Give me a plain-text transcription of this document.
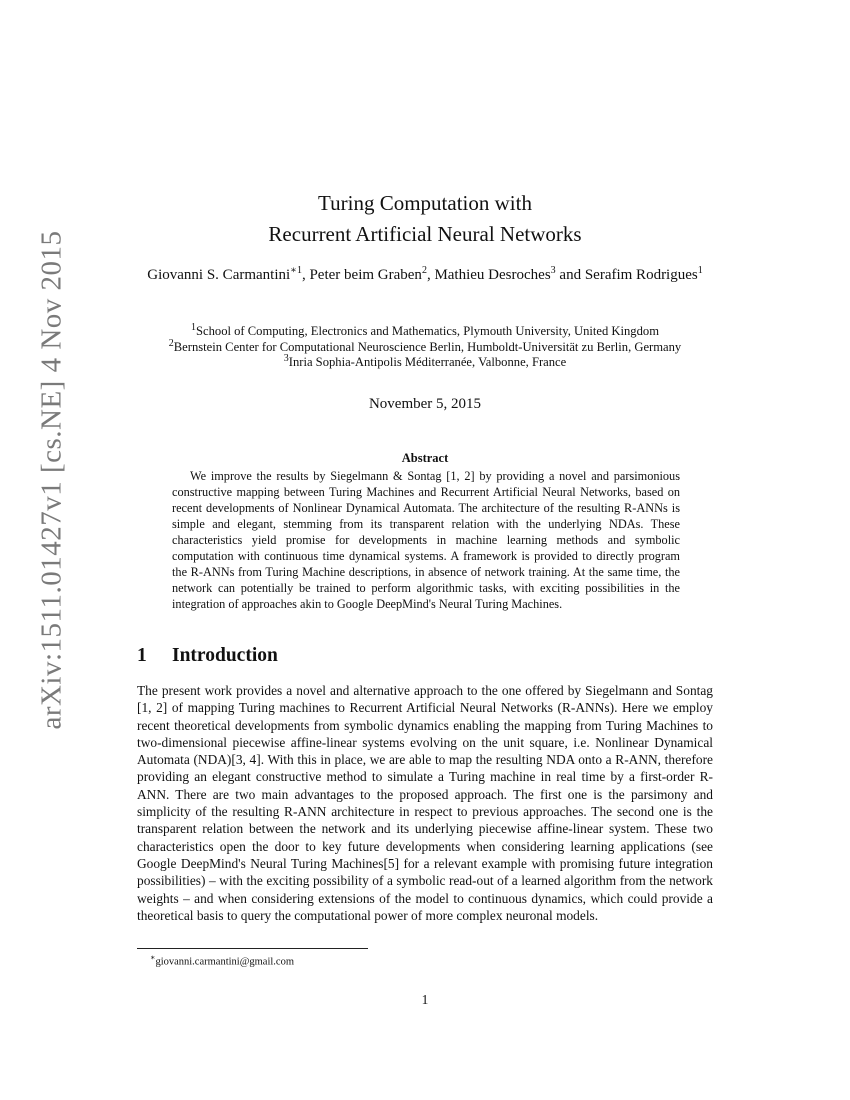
arXiv:1511.01427v1 [cs.NE] 4 Nov 2015
Turing Computation with
Recurrent Artificial Neural Networks
Giovanni S. Carmantini$^{∗1}$, Peter beim Graben$^2$, Mathieu Desroches$^3$ and Serafim Rodrigues$^1$
$^1$School of Computing, Electronics and Mathematics, Plymouth University, United Kingdom
$^2$Bernstein Center for Computational Neuroscience Berlin, Humboldt-Universität zu Berlin, Germany
$^3$Inria Sophia-Antipolis Méditerranée, Valbonne, France
November 5, 2015
Abstract
We improve the results by Siegelmann & Sontag [1, 2] by providing a novel and parsimonious constructive mapping between Turing Machines and Recurrent Artificial Neural Networks, based on recent developments of Nonlinear Dynamical Automata. The architecture of the resulting R-ANNs is simple and elegant, stemming from its transparent relation with the underlying NDAs. These characteristics yield promise for developments in machine learning methods and symbolic computation with continuous time dynamical systems. A framework is provided to directly program the R-ANNs from Turing Machine descriptions, in absence of network training. At the same time, the network can potentially be trained to perform algorithmic tasks, with exciting possibilities in the integration of approaches akin to Google DeepMind's Neural Turing Machines.
1 Introduction
The present work provides a novel and alternative approach to the one offered by Siegelmann and Sontag [1, 2] of mapping Turing machines to Recurrent Artificial Neural Networks (R-ANNs). Here we employ recent theoretical developments from symbolic dynamics enabling the mapping from Turing Machines to two-dimensional piecewise affine-linear systems evolving on the unit square, i.e. Nonlinear Dynamical Automata (NDA)[3, 4]. With this in place, we are able to map the resulting NDA onto a R-ANN, therefore providing an elegant constructive method to simulate a Turing machine in real time by a first-order R-ANN. There are two main advantages to the proposed approach. The first one is the parsimony and simplicity of the resulting R-ANN architecture in respect to previous approaches. The second one is the transparent relation between the network and its underlying piecewise affine-linear system. These two characteristics open the door to key future developments when considering learning applications (see Google DeepMind's Neural Turing Machines[5] for a relevant example with promising future integration possibilities) – with the exciting possibility of a symbolic read-out of a learned algorithm from the network weights – and when considering extensions of the model to continuous dynamics, which could provide a theoretical basis to query the computational power of more complex neuronal models.
∗giovanni.carmantini@gmail.com
1
